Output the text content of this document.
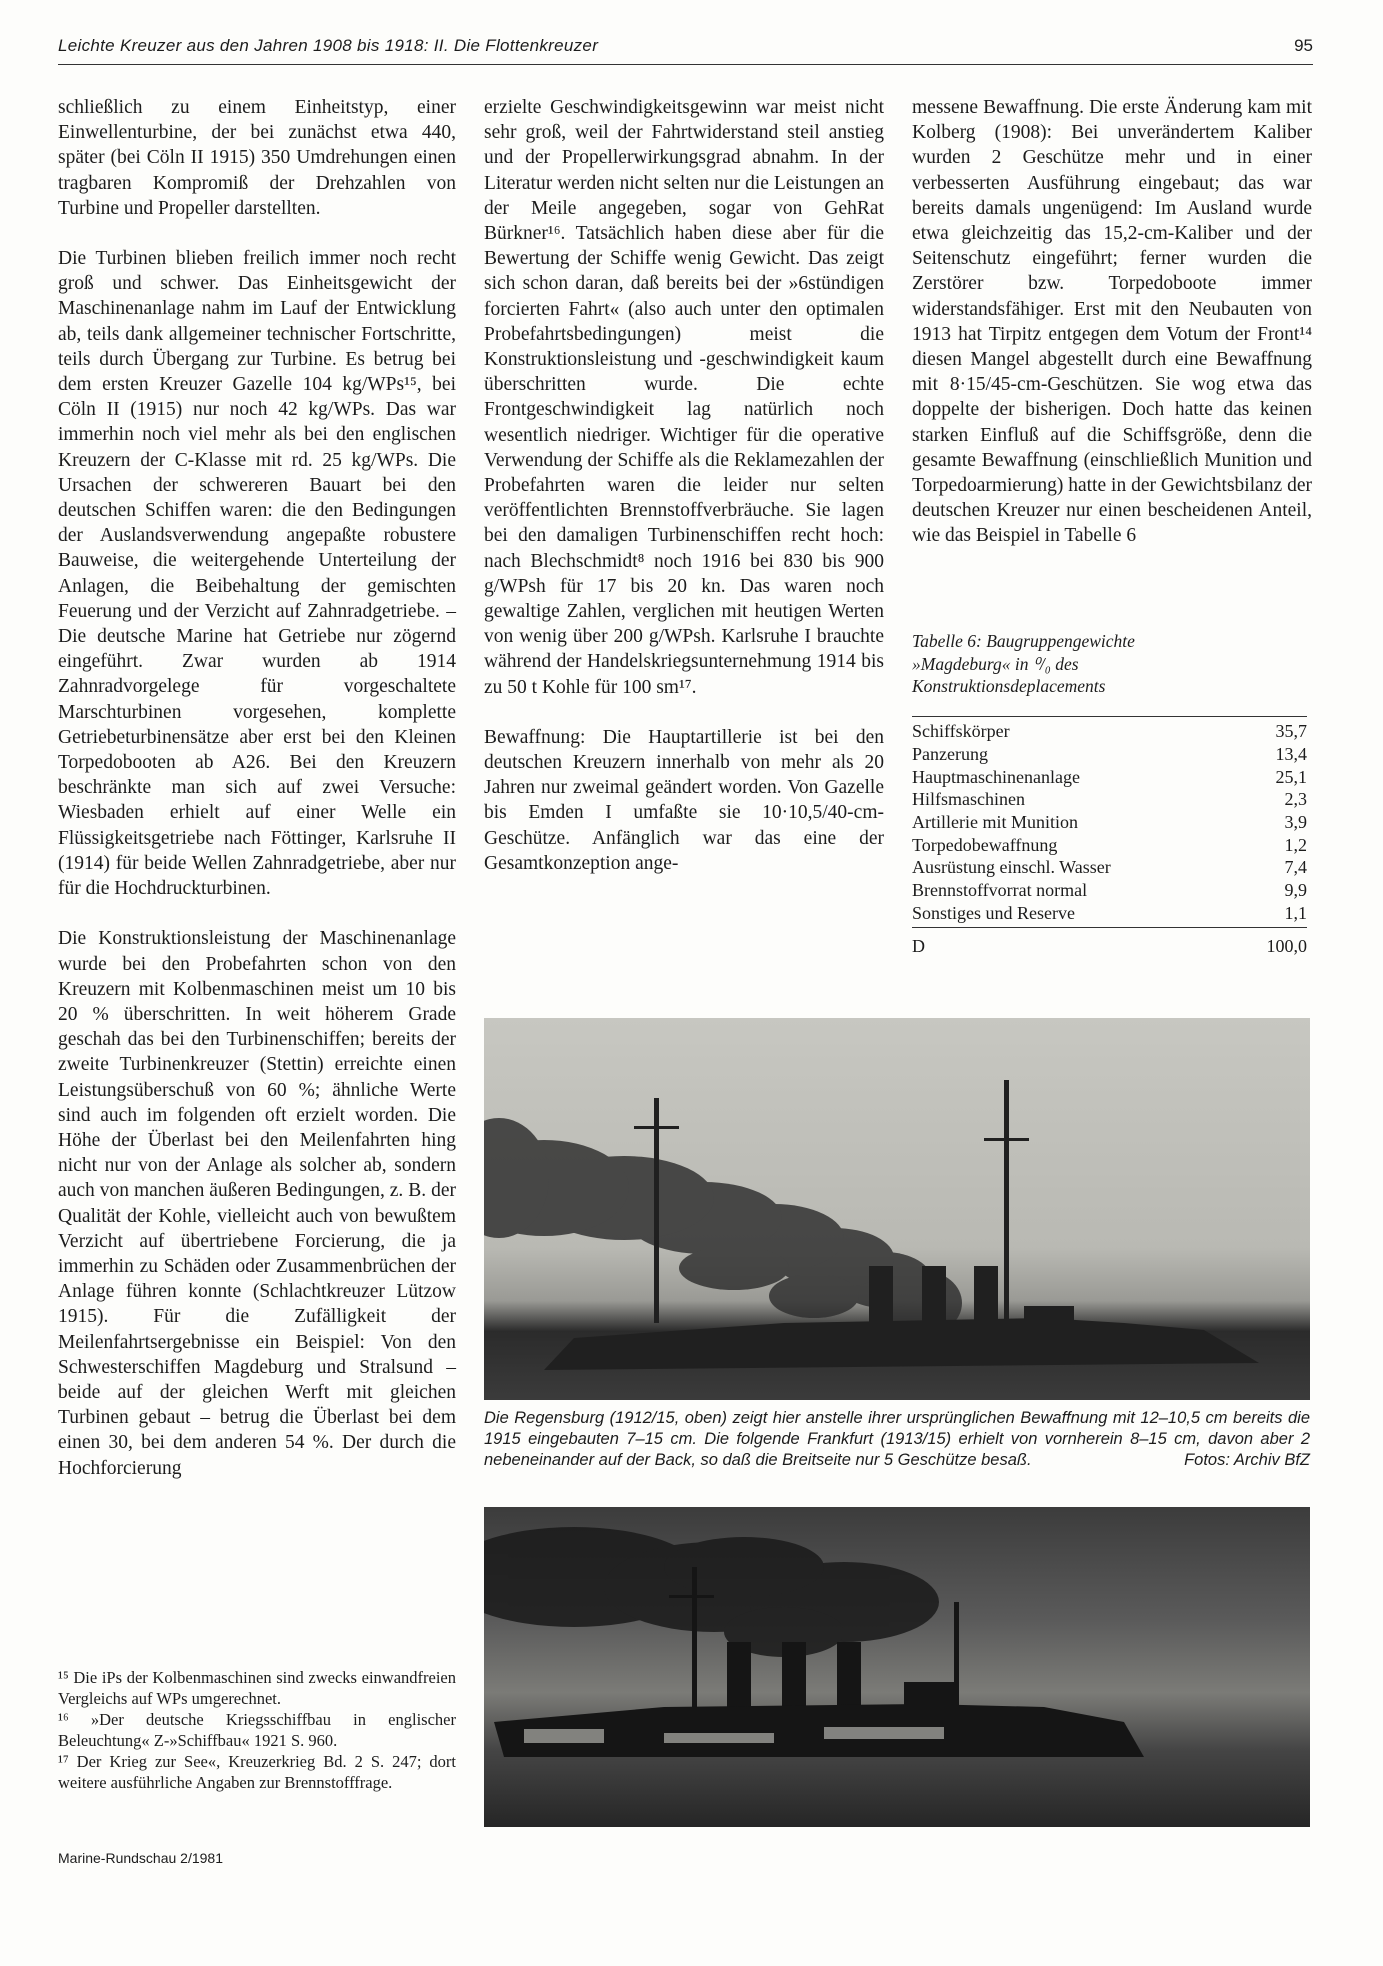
Leichte Kreuzer aus den Jahren 1908 bis 1918: II. Die Flottenkreuzer	95

schließlich zu einem Einheitstyp, einer Einwellenturbine, der bei zunächst etwa 440, später (bei Cöln II 1915) 350 Umdrehungen einen tragbaren Kompromiß der Drehzahlen von Turbine und Propeller darstellten.

Die Turbinen blieben freilich immer noch recht groß und schwer. Das Einheitsgewicht der Maschinenanlage nahm im Lauf der Entwicklung ab, teils dank allgemeiner technischer Fortschritte, teils durch Übergang zur Turbine. Es betrug bei dem ersten Kreuzer Gazelle 104 kg/WPs¹⁵, bei Cöln II (1915) nur noch 42 kg/WPs. Das war immerhin noch viel mehr als bei den englischen Kreuzern der C-Klasse mit rd. 25 kg/WPs. Die Ursachen der schwereren Bauart bei den deutschen Schiffen waren: die den Bedingungen der Auslandsverwendung angepaßte robustere Bauweise, die weitergehende Unterteilung der Anlagen, die Beibehaltung der gemischten Feuerung und der Verzicht auf Zahnradgetriebe. – Die deutsche Marine hat Getriebe nur zögernd eingeführt. Zwar wurden ab 1914 Zahnradvorgelege für vorgeschaltete Marschturbinen vorgesehen, komplette Getriebeturbinensätze aber erst bei den Kleinen Torpedobooten ab A26. Bei den Kreuzern beschränkte man sich auf zwei Versuche: Wiesbaden erhielt auf einer Welle ein Flüssigkeitsgetriebe nach Föttinger, Karlsruhe II (1914) für beide Wellen Zahnradgetriebe, aber nur für die Hochdruckturbinen.

Die Konstruktionsleistung der Maschinenanlage wurde bei den Probefahrten schon von den Kreuzern mit Kolbenmaschinen meist um 10 bis 20 % überschritten. In weit höherem Grade geschah das bei den Turbinenschiffen; bereits der zweite Turbinenkreuzer (Stettin) erreichte einen Leistungsüberschuß von 60 %; ähnliche Werte sind auch im folgenden oft erzielt worden. Die Höhe der Überlast bei den Meilenfahrten hing nicht nur von der Anlage als solcher ab, sondern auch von manchen äußeren Bedingungen, z. B. der Qualität der Kohle, vielleicht auch von bewußtem Verzicht auf übertriebene Forcierung, die ja immerhin zu Schäden oder Zusammenbrüchen der Anlage führen konnte (Schlachtkreuzer Lützow 1915). Für die Zufälligkeit der Meilenfahrtsergebnisse ein Beispiel: Von den Schwesterschiffen Magdeburg und Stralsund – beide auf der gleichen Werft mit gleichen Turbinen gebaut – betrug die Überlast bei dem einen 30, bei dem anderen 54 %. Der durch die Hochforcierung

erzielte Geschwindigkeitsgewinn war meist nicht sehr groß, weil der Fahrtwiderstand steil anstieg und der Propellerwirkungsgrad abnahm. In der Literatur werden nicht selten nur die Leistungen an der Meile angegeben, sogar von GehRat Bürkner¹⁶. Tatsächlich haben diese aber für die Bewertung der Schiffe wenig Gewicht. Das zeigt sich schon daran, daß bereits bei der »6stündigen forcierten Fahrt« (also auch unter den optimalen Probefahrtsbedingungen) meist die Konstruktionsleistung und -geschwindigkeit kaum überschritten wurde. Die echte Frontgeschwindigkeit lag natürlich noch wesentlich niedriger. Wichtiger für die operative Verwendung der Schiffe als die Reklamezahlen der Probefahrten waren die leider nur selten veröffentlichten Brennstoffverbräuche. Sie lagen bei den damaligen Turbinenschiffen recht hoch: nach Blechschmidt⁸ noch 1916 bei 830 bis 900 g/WPsh für 17 bis 20 kn. Das waren noch gewaltige Zahlen, verglichen mit heutigen Werten von wenig über 200 g/WPsh. Karlsruhe I brauchte während der Handelskriegsunternehmung 1914 bis zu 50 t Kohle für 100 sm¹⁷.

Bewaffnung: Die Hauptartillerie ist bei den deutschen Kreuzern innerhalb von mehr als 20 Jahren nur zweimal geändert worden. Von Gazelle bis Emden I umfaßte sie 10·10,5/40-cm-Geschütze. Anfänglich war das eine der Gesamtkonzeption ange-

messene Bewaffnung. Die erste Änderung kam mit Kolberg (1908): Bei unverändertem Kaliber wurden 2 Geschütze mehr und in einer verbesserten Ausführung eingebaut; das war bereits damals ungenügend: Im Ausland wurde etwa gleichzeitig das 15,2-cm-Kaliber und der Seitenschutz eingeführt; ferner wurden die Zerstörer bzw. Torpedoboote immer widerstandsfähiger. Erst mit den Neubauten von 1913 hat Tirpitz entgegen dem Votum der Front¹⁴ diesen Mangel abgestellt durch eine Bewaffnung mit 8·15/45-cm-Geschützen. Sie wog etwa das doppelte der bisherigen. Doch hatte das keinen starken Einfluß auf die Schiffsgröße, denn die gesamte Bewaffnung (einschließlich Munition und Torpedoarmierung) hatte in der Gewichtsbilanz der deutschen Kreuzer nur einen bescheidenen Anteil, wie das Beispiel in Tabelle 6

Tabelle 6: Baugruppengewichte
»Magdeburg« in ⁰/₀ des
Konstruktionsdeplacements
Schiffskörper	35,7
Panzerung	13,4
Hauptmaschinenanlage	25,1
Hilfsmaschinen	2,3
Artillerie mit Munition	3,9
Torpedobewaffnung	1,2
Ausrüstung einschl. Wasser	7,4
Brennstoffvorrat normal	9,9
Sonstiges und Reserve	1,1
D	100,0
Die Regensburg (1912/15, oben) zeigt hier anstelle ihrer ursprünglichen Bewaffnung mit 12–10,5 cm bereits die 1915 eingebauten 7–15 cm. Die folgende Frankfurt (1913/15) erhielt von vornherein 8–15 cm, davon aber 2 nebeneinander auf der Back, so daß die Breitseite nur 5 Geschütze besaß.	Fotos: Archiv BfZ

¹⁵ Die iPs der Kolbenmaschinen sind zwecks einwandfreien Vergleichs auf WPs umgerechnet.

¹⁶ »Der deutsche Kriegsschiffbau in englischer Beleuchtung« Z-»Schiffbau« 1921 S. 960.

¹⁷ Der Krieg zur See«, Kreuzerkrieg Bd. 2 S. 247; dort weitere ausführliche Angaben zur Brennstofffrage.

Marine-Rundschau 2/1981
